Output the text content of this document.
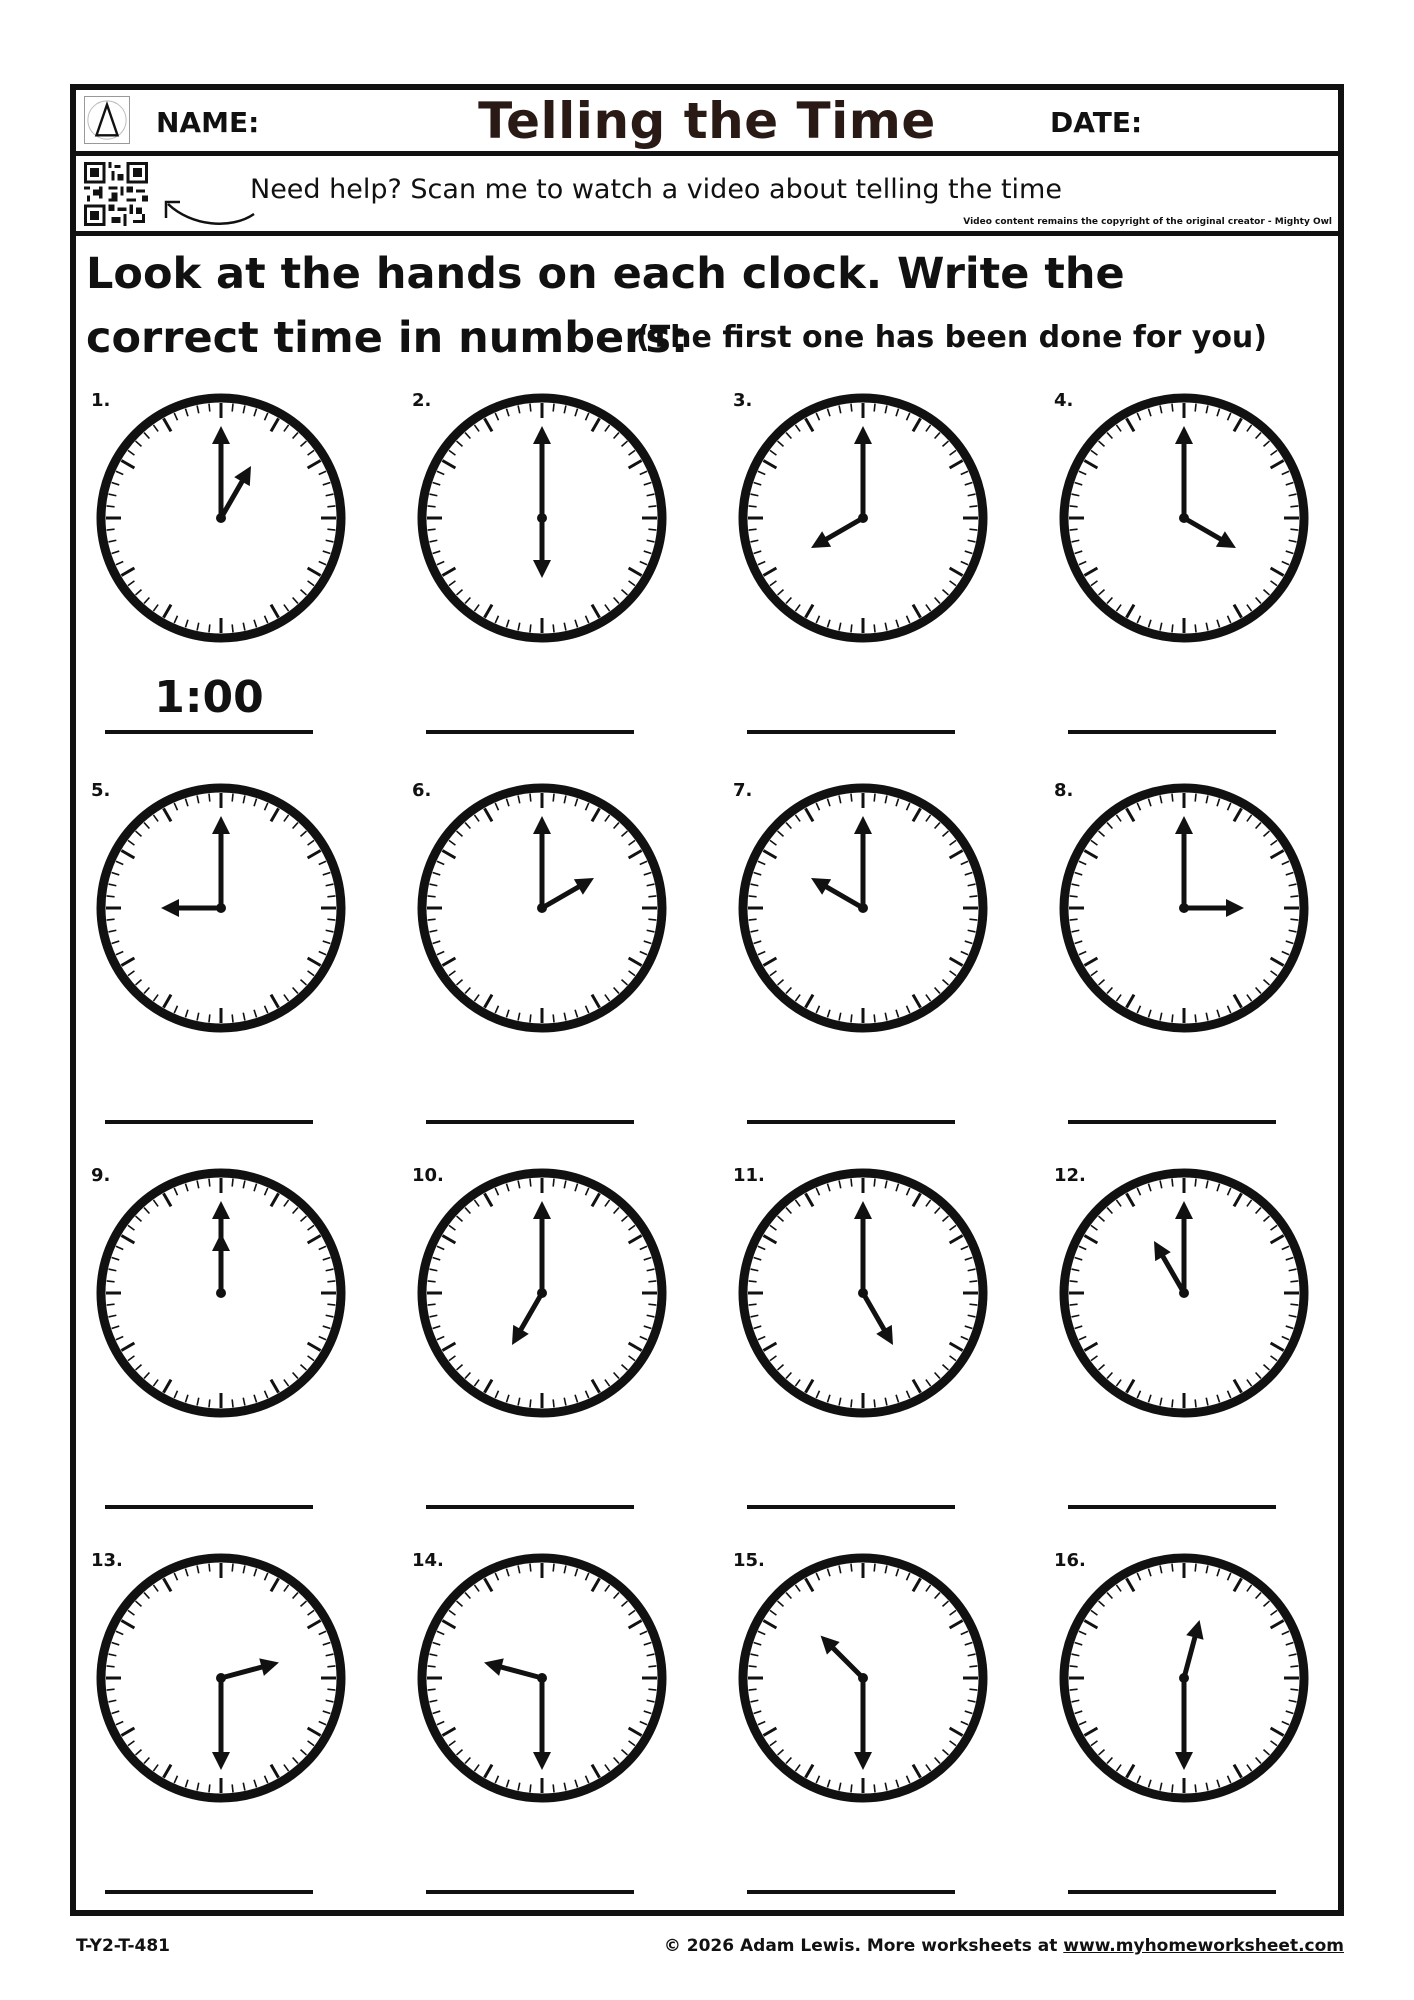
NAME:	Telling the Time	DATE:
Need help? Scan me to watch a video about telling the time
Video content remains the copyright of the original creator - Mighty Owl
Look at the hands on each clock. Write the correct time in numbers:
(The first one has been done for you)
1.
1:00
2.	3.	4.
5.	6.	7.	8.
9.	10.	11.	12.
13.	14.	15.	16.
T-Y2-T-481	© 2026 Adam Lewis. More worksheets at www.myhomeworksheet.com
